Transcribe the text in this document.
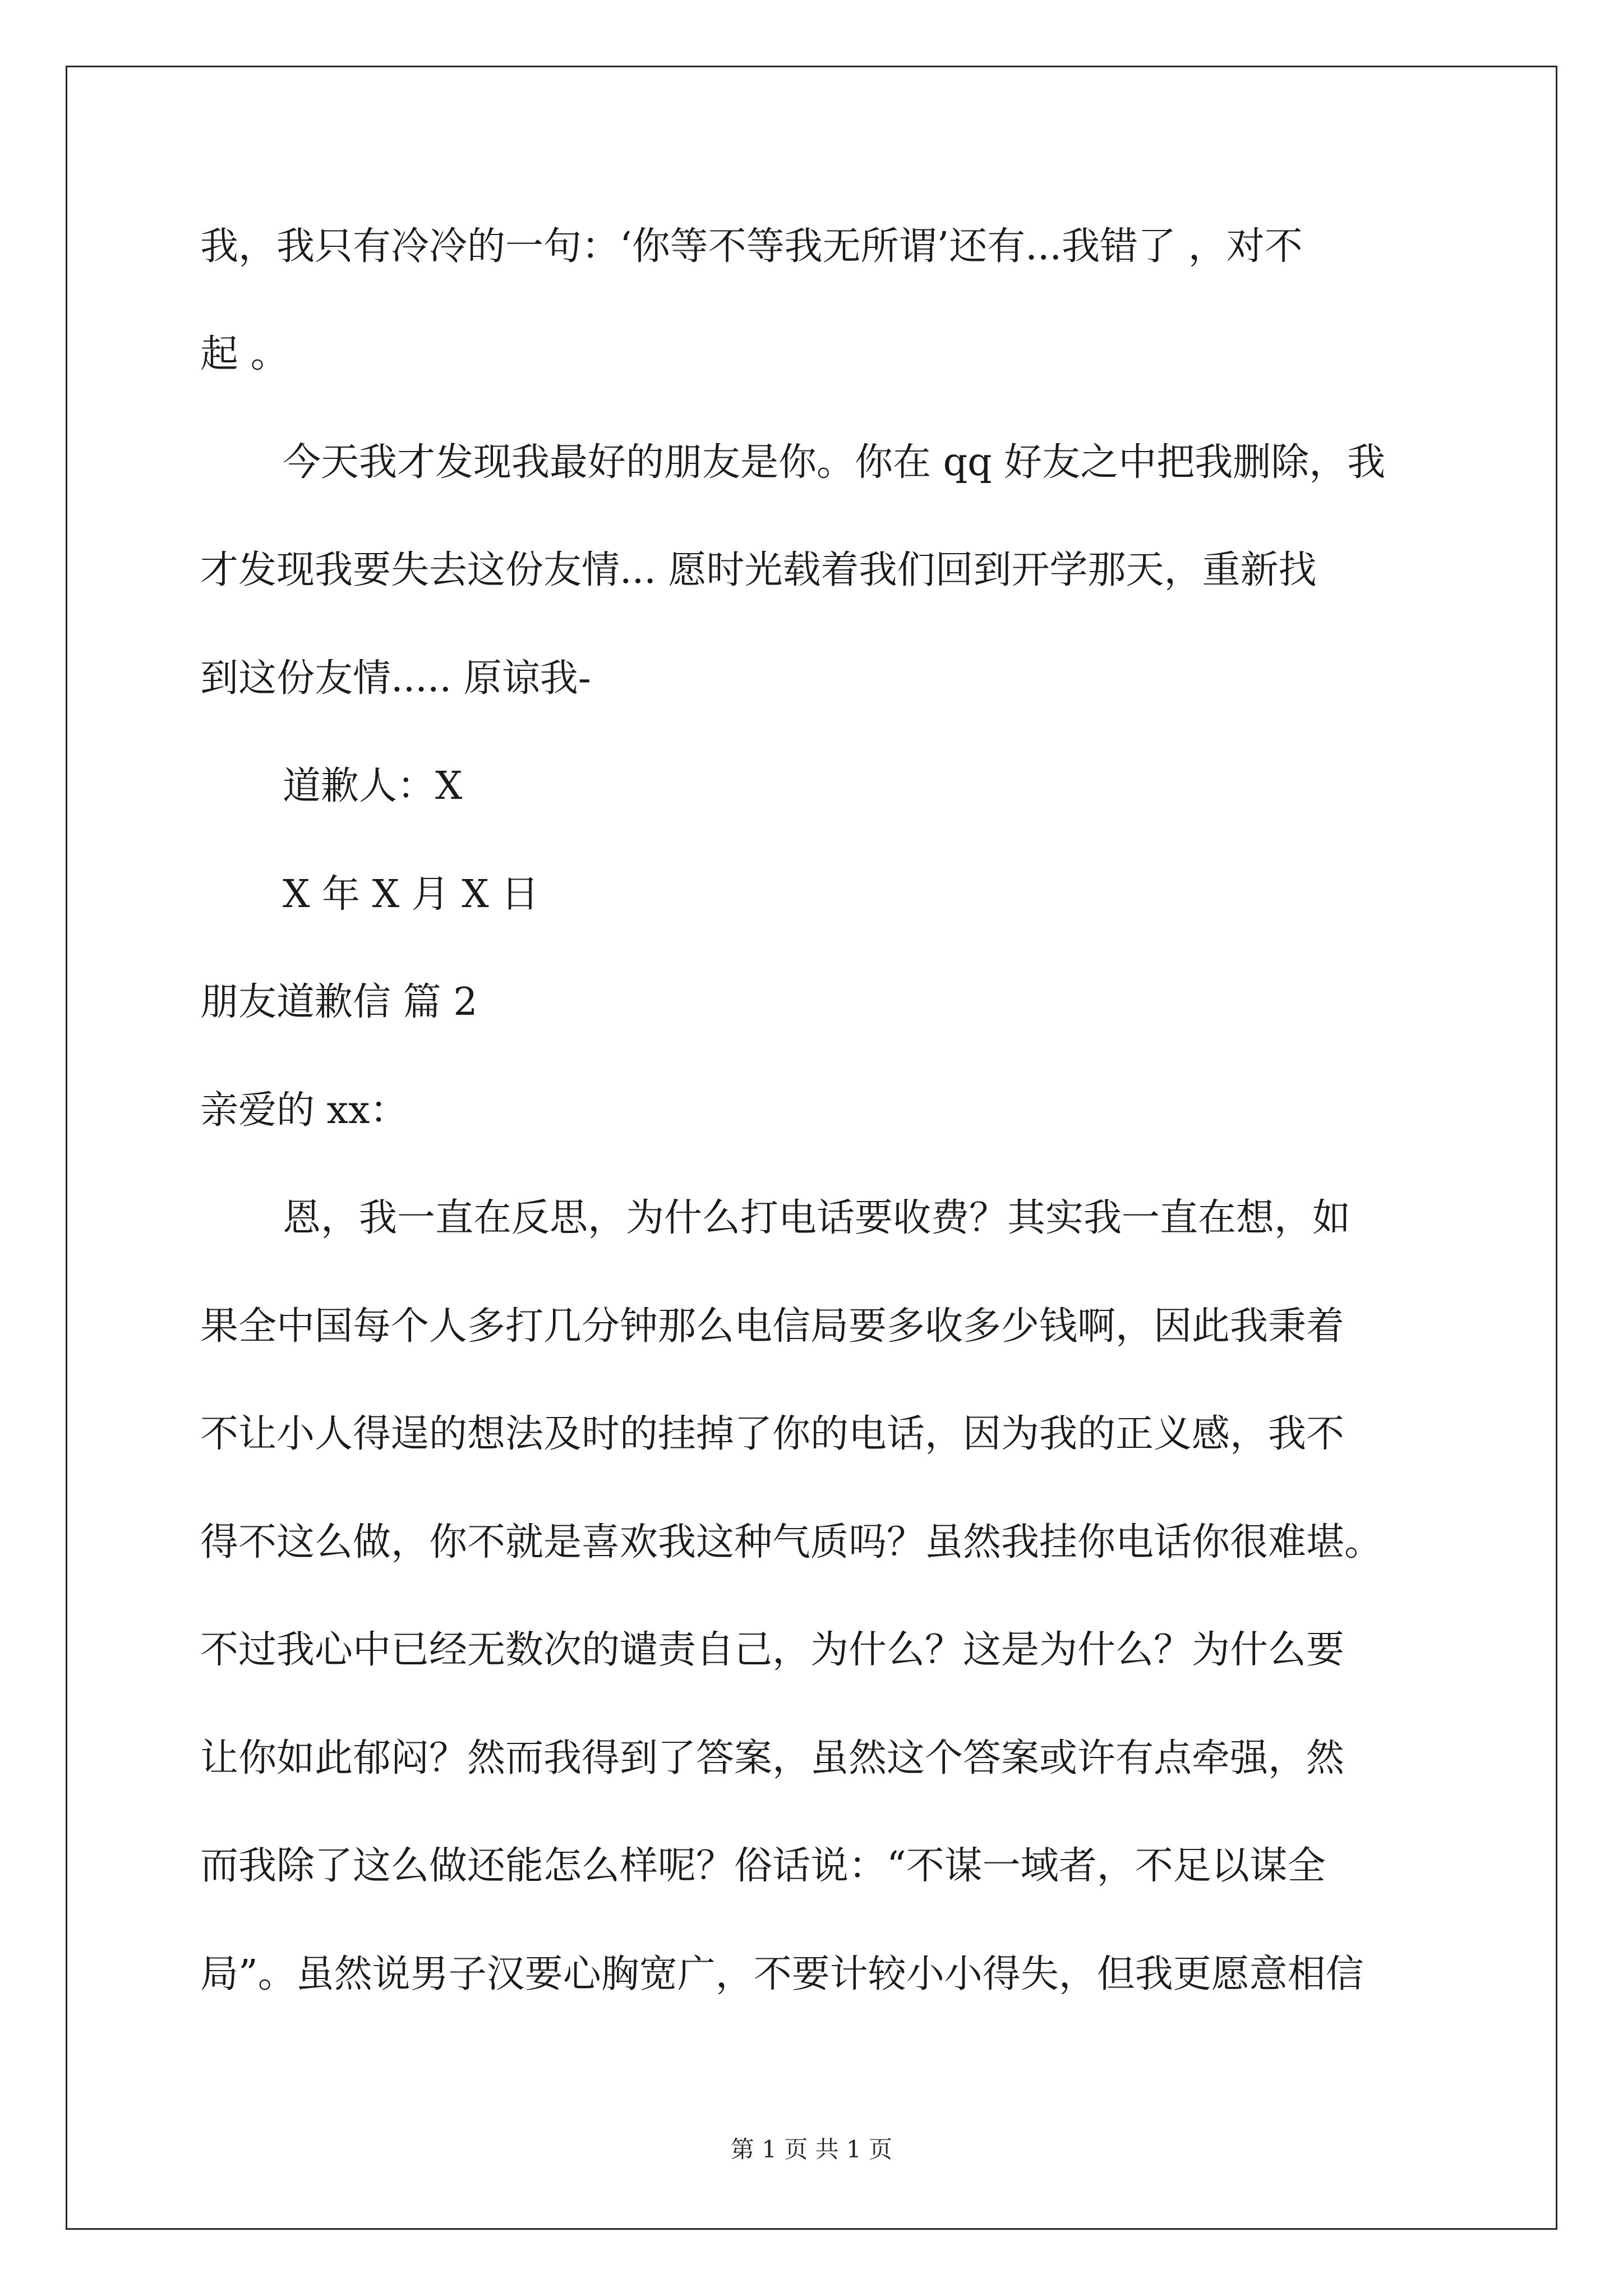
我，我只有冷冷的一句：‘你等不等我无所谓’还有...我错了 ，对不
起 。
今天我才发现我最好的朋友是你。你在 qq 好友之中把我删除，我
才发现我要失去这份友情... 愿时光载着我们回到开学那天，重新找
到这份友情..... 原谅我-
道歉人：X
X 年 X 月 X 日
朋友道歉信 篇 2
亲爱的 xx：
恩，我一直在反思，为什么打电话要收费？其实我一直在想，如
果全中国每个人多打几分钟那么电信局要多收多少钱啊，因此我秉着
不让小人得逞的想法及时的挂掉了你的电话，因为我的正义感，我不
得不这么做，你不就是喜欢我这种气质吗？虽然我挂你电话你很难堪。
不过我心中已经无数次的谴责自己，为什么？这是为什么？为什么要
让你如此郁闷？然而我得到了答案，虽然这个答案或许有点牵强，然
而我除了这么做还能怎么样呢？俗话说：“不谋一域者，不足以谋全
局”。虽然说男子汉要心胸宽广，不要计较小小得失，但我更愿意相信
第 1 页 共 1 页
